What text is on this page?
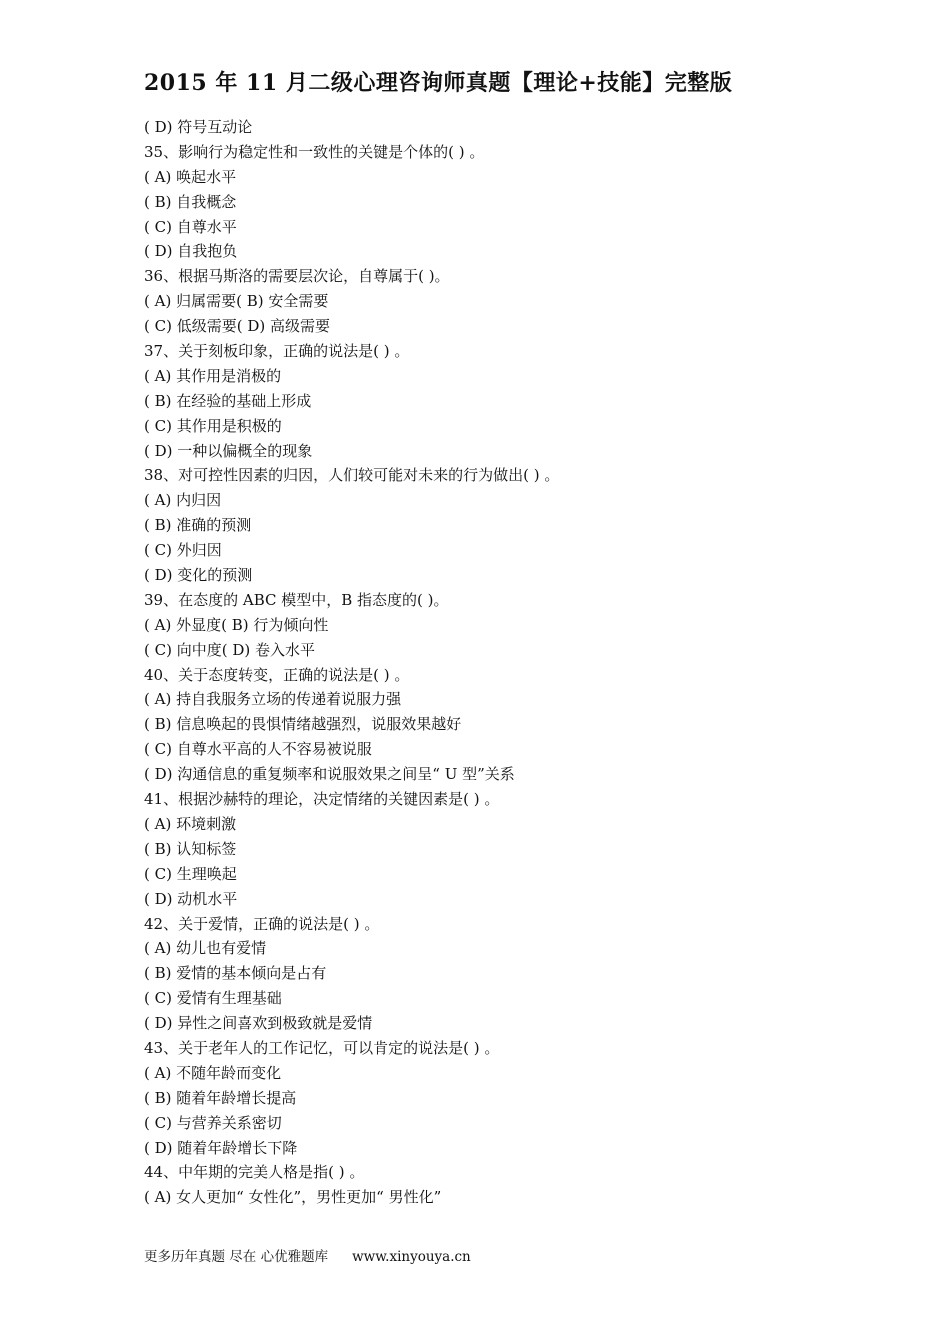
2015 年 11 月二级心理咨询师真题【理论+技能】完整版
( D) 符号互动论
35、影响行为稳定性和一致性的关键是个体的( ) 。
( A) 唤起水平
( B) 自我概念
( C) 自尊水平
( D) 自我抱负
36、根据马斯洛的需要层次论，自尊属于( )。
( A) 归属需要( B) 安全需要
( C) 低级需要( D) 高级需要
37、关于刻板印象，正确的说法是( ) 。
( A) 其作用是消极的
( B) 在经验的基础上形成
( C) 其作用是积极的
( D) 一种以偏概全的现象
38、对可控性因素的归因，人们较可能对未来的行为做出( ) 。
( A) 内归因
( B) 准确的预测
( C) 外归因
( D) 变化的预测
39、在态度的 ABC 模型中，B 指态度的( )。
( A) 外显度( B) 行为倾向性
( C) 向中度( D) 卷入水平
40、关于态度转变，正确的说法是( ) 。
( A) 持自我服务立场的传递着说服力强
( B) 信息唤起的畏惧情绪越强烈，说服效果越好
( C) 自尊水平高的人不容易被说服
( D) 沟通信息的重复频率和说服效果之间呈“ U 型”关系
41、根据沙赫特的理论，决定情绪的关键因素是( ) 。
( A) 环境刺激
( B) 认知标签
( C) 生理唤起
( D) 动机水平
42、关于爱情，正确的说法是( ) 。
( A) 幼儿也有爱情
( B) 爱情的基本倾向是占有
( C) 爱情有生理基础
( D) 异性之间喜欢到极致就是爱情
43、关于老年人的工作记忆，可以肯定的说法是( ) 。
( A) 不随年龄而变化
( B) 随着年龄增长提高
( C) 与营养关系密切
( D) 随着年龄增长下降
44、中年期的完美人格是指( ) 。
( A) 女人更加“ 女性化”，男性更加“ 男性化”
更多历年真题 尽在 心优雅题库 www.xinyouya.cn
